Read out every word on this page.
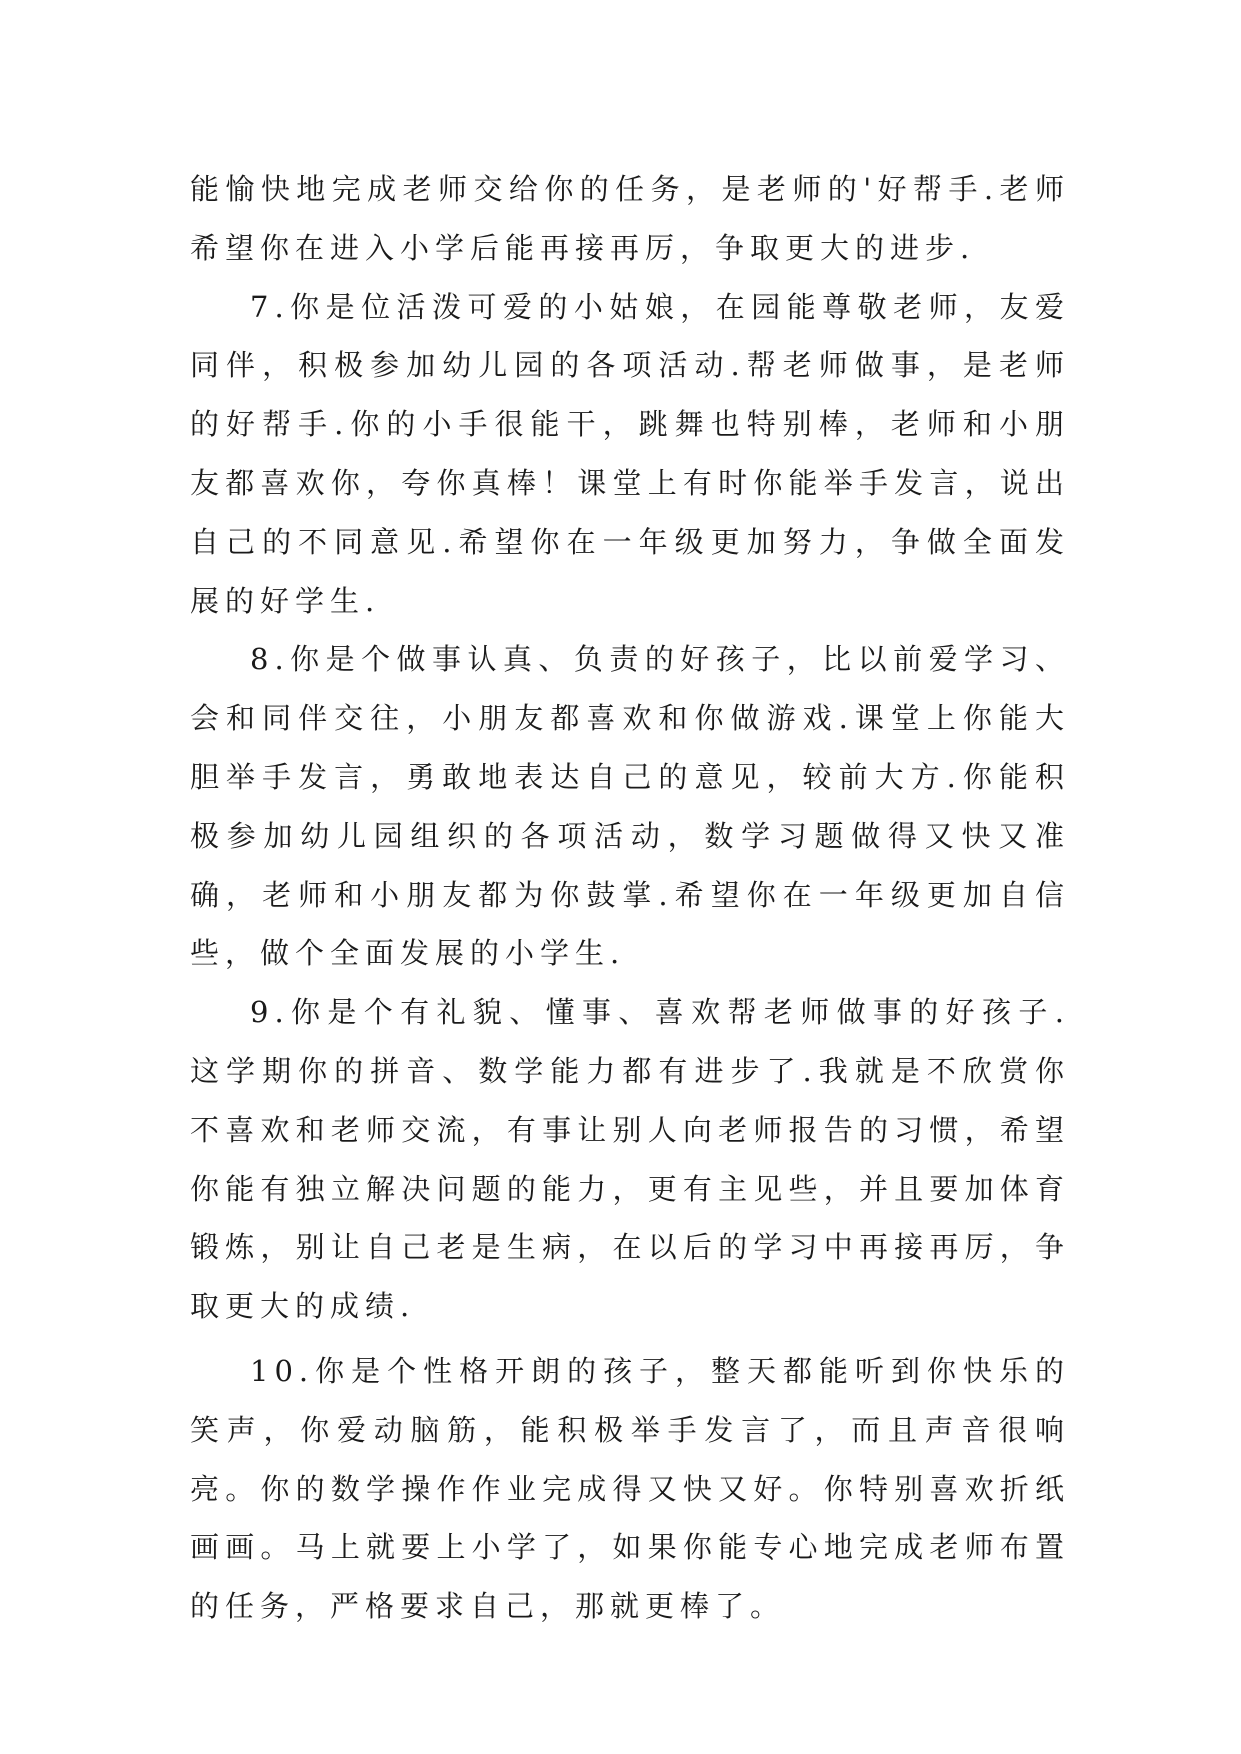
能愉快地完成老师交给你的任务，是老师的'好帮手.老师希望你在进入小学后能再接再厉，争取更大的进步.

7.你是位活泼可爱的小姑娘，在园能尊敬老师，友爱同伴，积极参加幼儿园的各项活动.帮老师做事，是老师的好帮手.你的小手很能干，跳舞也特别棒，老师和小朋友都喜欢你，夸你真棒！课堂上有时你能举手发言，说出自己的不同意见.希望你在一年级更加努力，争做全面发展的好学生.

8.你是个做事认真、负责的好孩子，比以前爱学习、会和同伴交往，小朋友都喜欢和你做游戏.课堂上你能大胆举手发言，勇敢地表达自己的意见，较前大方.你能积极参加幼儿园组织的各项活动，数学习题做得又快又准确，老师和小朋友都为你鼓掌.希望你在一年级更加自信些，做个全面发展的小学生.

9.你是个有礼貌、懂事、喜欢帮老师做事的好孩子.这学期你的拼音、数学能力都有进步了.我就是不欣赏你不喜欢和老师交流，有事让别人向老师报告的习惯，希望你能有独立解决问题的能力，更有主见些，并且要加体育锻炼，别让自己老是生病，在以后的学习中再接再厉，争取更大的成绩.

10.你是个性格开朗的孩子，整天都能听到你快乐的笑声，你爱动脑筋，能积极举手发言了，而且声音很响亮。你的数学操作作业完成得又快又好。你特别喜欢折纸画画。马上就要上小学了，如果你能专心地完成老师布置的任务，严格要求自己，那就更棒了。
